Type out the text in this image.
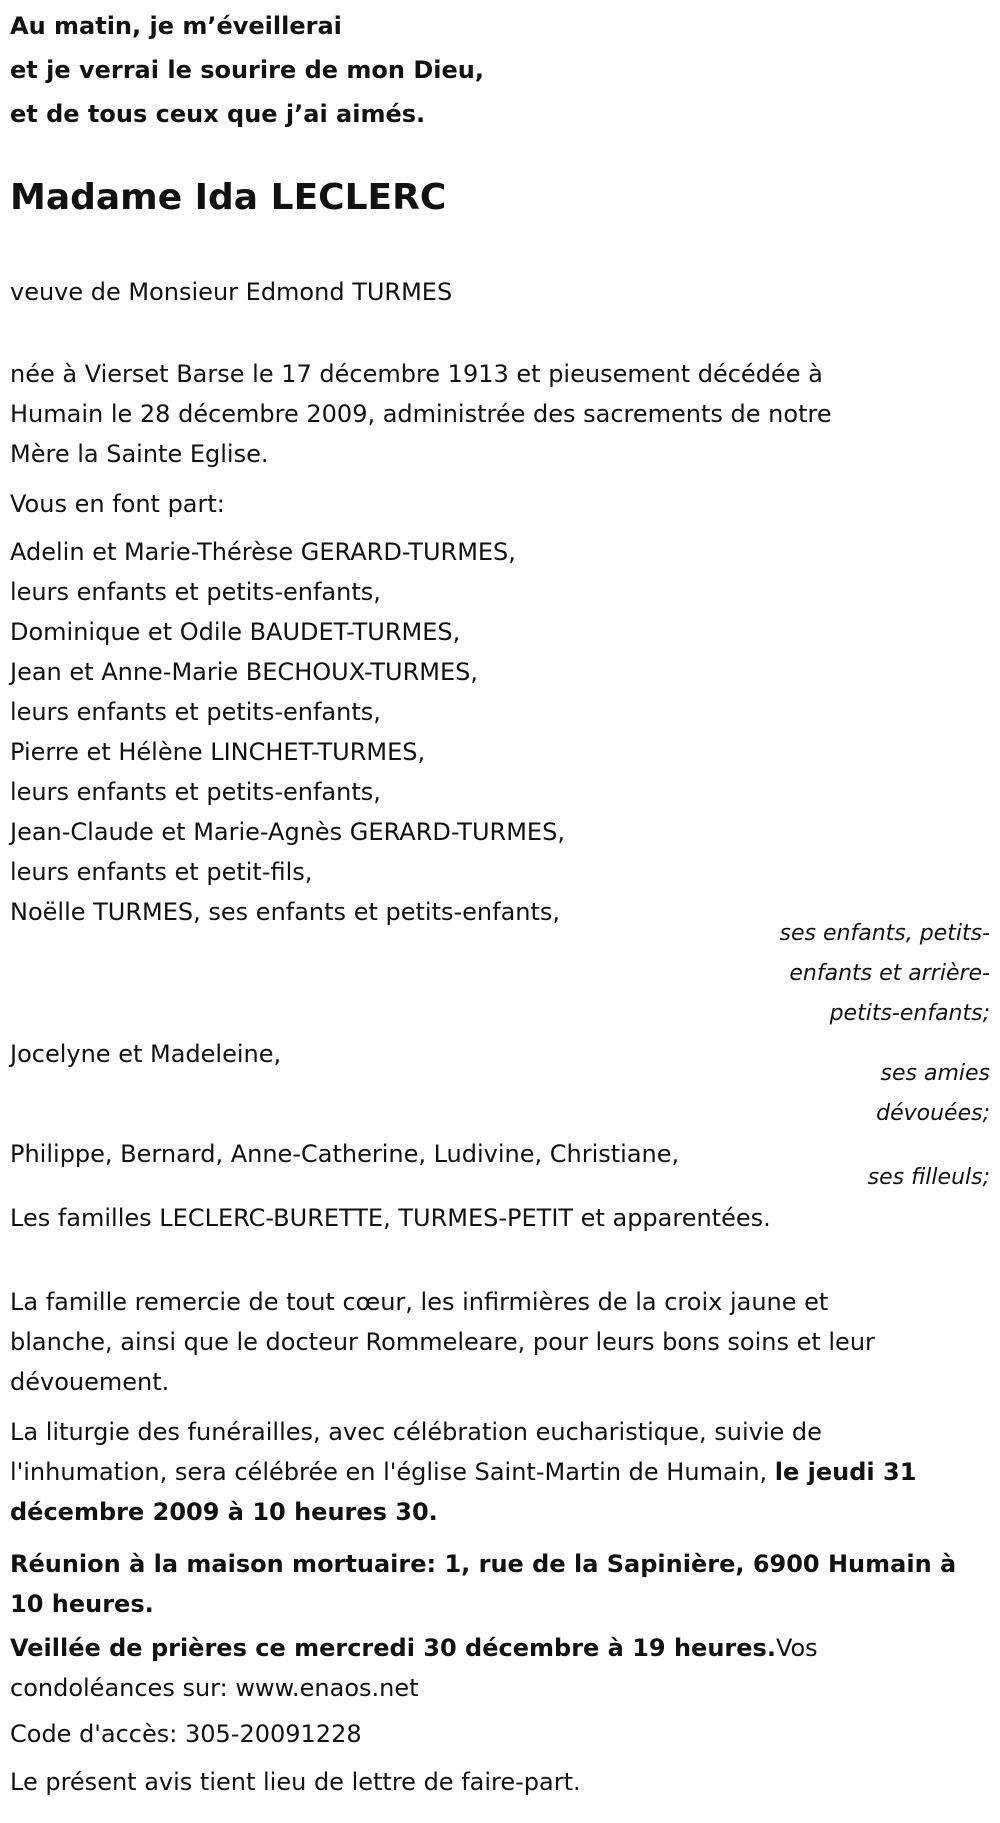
Au matin, je m’éveillerai
et je verrai le sourire de mon Dieu,
et de tous ceux que j’ai aimés.
Madame Ida LECLERC
veuve de Monsieur Edmond TURMES
née à Vierset Barse le 17 décembre 1913 et pieusement décédée à
Humain le 28 décembre 2009, administrée des sacrements de notre
Mère la Sainte Eglise.
Vous en font part:
Adelin et Marie-Thérèse GERARD-TURMES,
leurs enfants et petits-enfants,
Dominique et Odile BAUDET-TURMES,
Jean et Anne-Marie BECHOUX-TURMES,
leurs enfants et petits-enfants,
Pierre et Hélène LINCHET-TURMES,
leurs enfants et petits-enfants,
Jean-Claude et Marie-Agnès GERARD-TURMES,
leurs enfants et petit-fils,
Noëlle TURMES, ses enfants et petits-enfants,
ses enfants, petits-
enfants et arrière-
petits-enfants;
Jocelyne et Madeleine,
ses amies
dévouées;
Philippe, Bernard, Anne-Catherine, Ludivine, Christiane,
ses filleuls;
Les familles LECLERC-BURETTE, TURMES-PETIT et apparentées.
La famille remercie de tout cœur, les infirmières de la croix jaune et
blanche, ainsi que le docteur Rommeleare, pour leurs bons soins et leur
dévouement.
La liturgie des funérailles, avec célébration eucharistique, suivie de
l'inhumation, sera célébrée en l'église Saint-Martin de Humain, le jeudi 31
décembre 2009 à 10 heures 30.
Réunion à la maison mortuaire: 1, rue de la Sapinière, 6900 Humain à
10 heures.
Veillée de prières ce mercredi 30 décembre à 19 heures.Vos
condoléances sur: www.enaos.net
Code d'accès: 305-20091228
Le présent avis tient lieu de lettre de faire-part.
